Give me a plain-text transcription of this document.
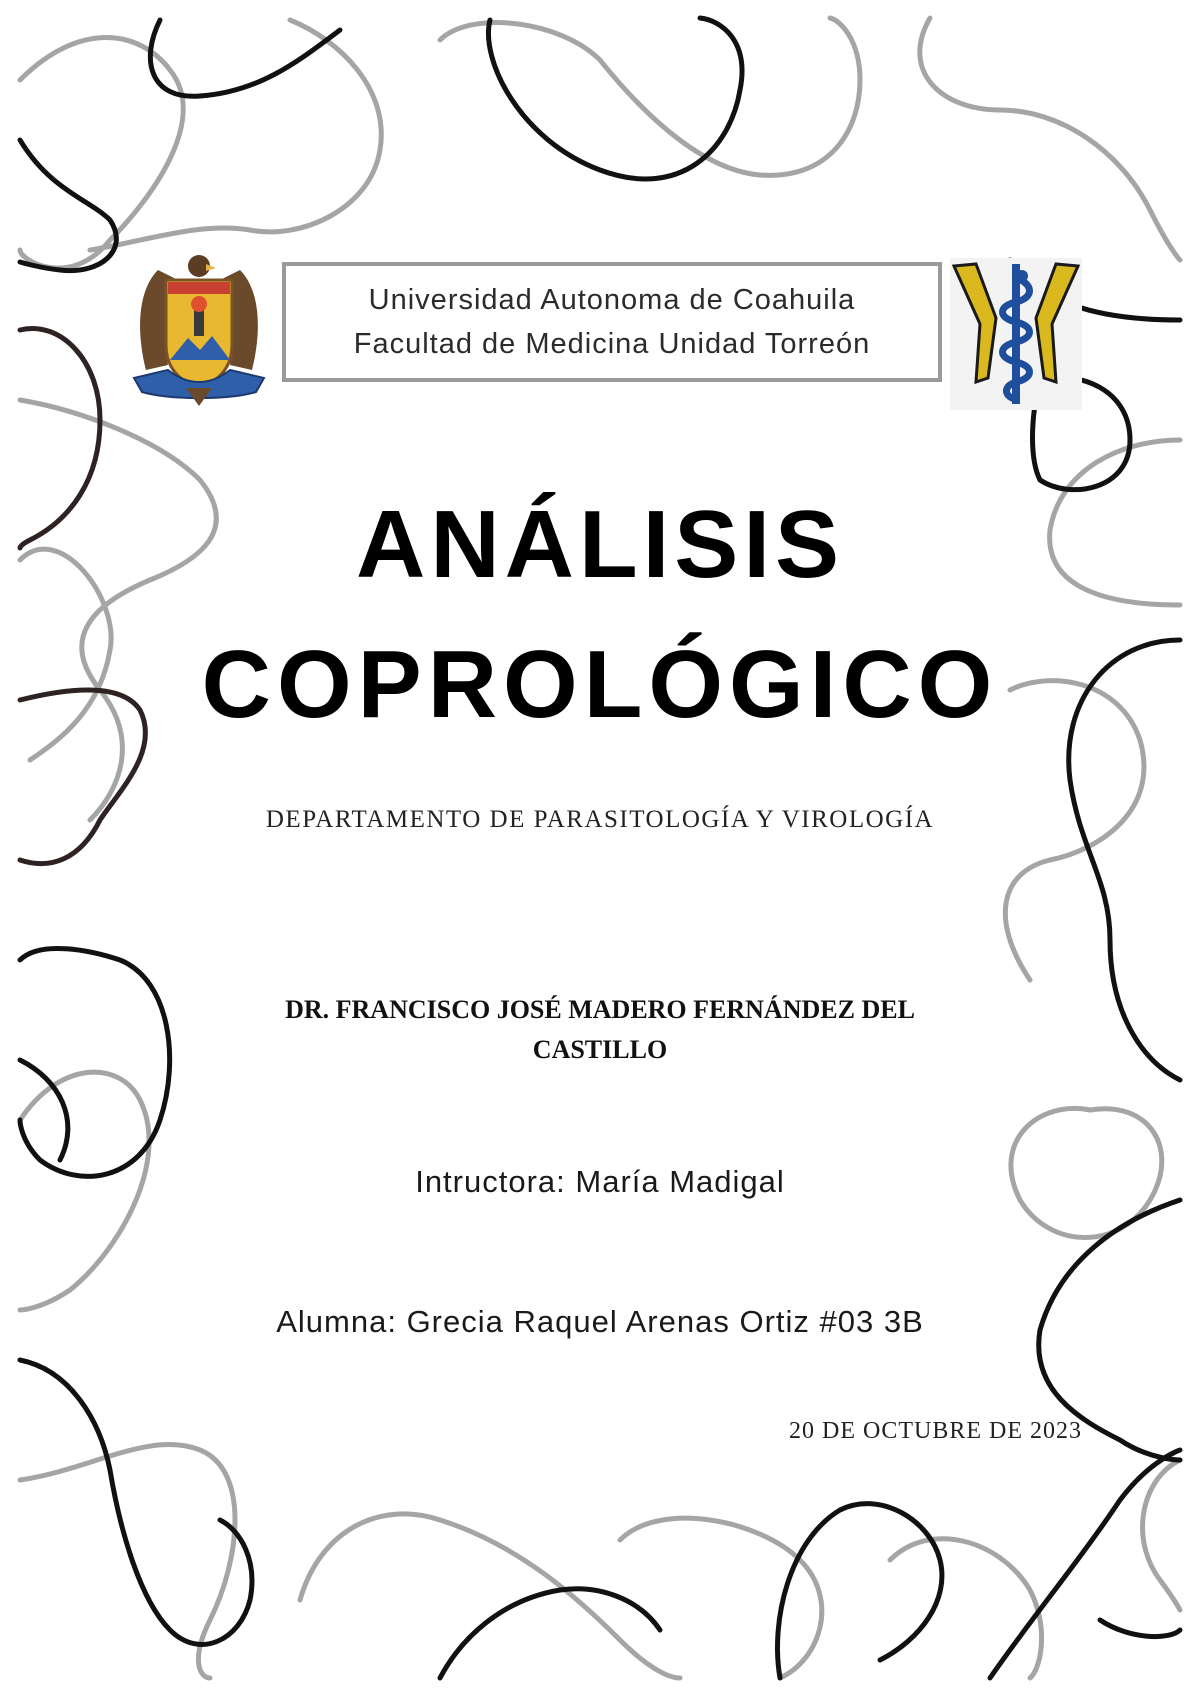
Universidad Autonoma de Coahuila
Facultad de Medicina Unidad Torreón
ANÁLISIS
COPROLÓGICO
DEPARTAMENTO DE PARASITOLOGÍA Y VIROLOGÍA
DR. FRANCISCO JOSÉ MADERO FERNÁNDEZ DEL CASTILLO
Intructora: María Madigal
Alumna: Grecia Raquel Arenas Ortiz #03 3B
20 DE OCTUBRE DE 2023
